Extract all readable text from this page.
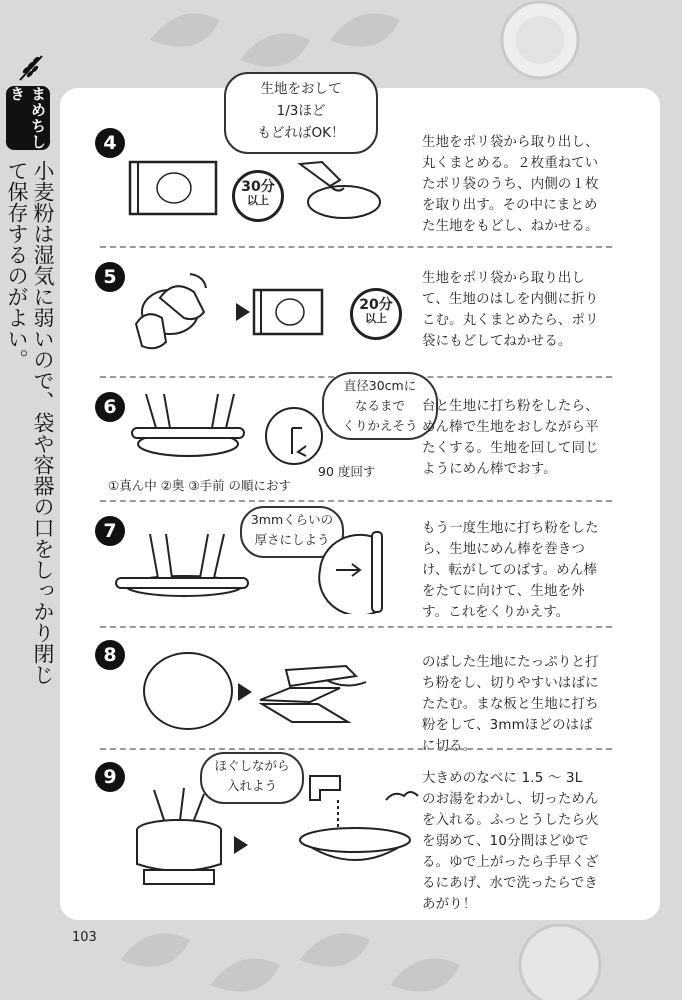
まめちしき
小麦粉は湿気に弱いので、袋や容器の口をしっかり閉じて保存するのがよい。
4
生地をおして
1/3ほど
もどればOK！
30分
以上
生地をポリ袋から取り出し、丸くまとめる。２枚重ねていたポリ袋のうち、内側の１枚を取り出す。その中にまとめた生地をもどし、ねかせる。
5
20分
以上
生地をポリ袋から取り出して、生地のはしを内側に折りこむ。丸くまとめたら、ポリ袋にもどしてねかせる。
6
①真ん中 ②奥 ③手前 の順におす
直径30cmに
なるまで
くりかえそう
90 度回す
台と生地に打ち粉をしたら、めん棒で生地をおしながら平たくする。生地を回して同じようにめん棒でおす。
7
3mmくらいの
厚さにしよう
もう一度生地に打ち粉をしたら、生地にめん棒を巻きつけ、転がしてのばす。めん棒をたてに向けて、生地を外す。これをくりかえす。
8	のばした生地にたっぷりと打ち粉をし、切りやすいはばにたたむ。まな板と生地に打ち粉をして、3mmほどのはばに切る。
9
ほぐしながら
入れよう	大きめのなべに 1.5 〜 3L のお湯をわかし、切っためんを入れる。ふっとうしたら火を弱めて、10分間ほどゆでる。ゆで上がったら手早くざるにあげ、水で洗ったらできあがり！
103
